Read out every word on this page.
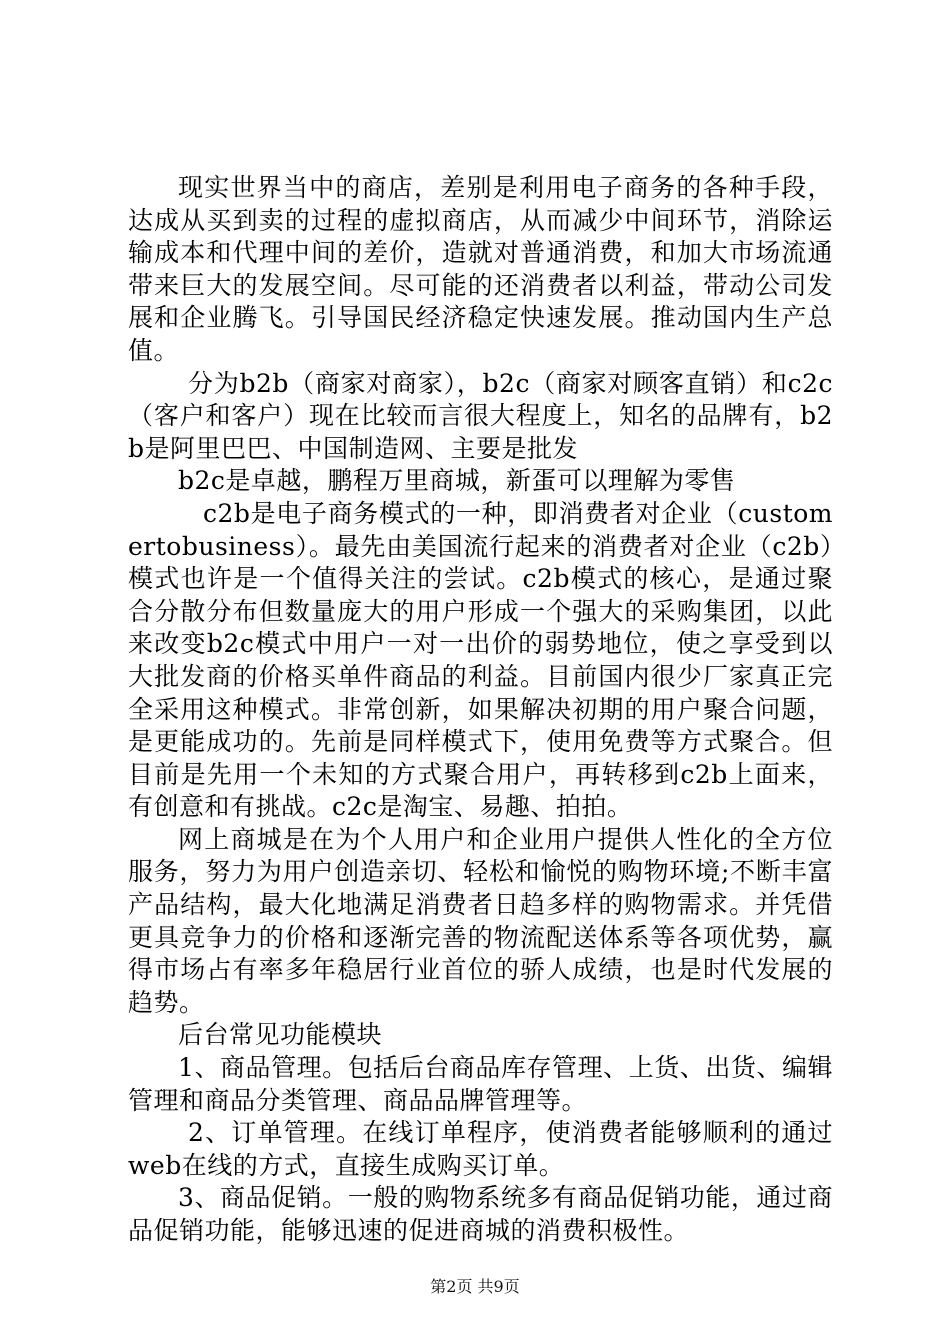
现实世界当中的商店，差别是利用电子商务的各种手段，达成从买到卖的过程的虚拟商店，从而减少中间环节，消除运输成本和代理中间的差价，造就对普通消费，和加大市场流通带来巨大的发展空间。尽可能的还消费者以利益，带动公司发展和企业腾飞。引导国民经济稳定快速发展。推动国内生产总值。

分为b2b（商家对商家），b2c（商家对顾客直销）和c2c（客户和客户）现在比较而言很大程度上，知名的品牌有，b2b是阿里巴巴、中国制造网、主要是批发

b2c是卓越，鹏程万里商城，新蛋可以理解为零售

c2b是电子商务模式的一种，即消费者对企业（customertobusiness）。最先由美国流行起来的消费者对企业（c2b）模式也许是一个值得关注的尝试。c2b模式的核心，是通过聚合分散分布但数量庞大的用户形成一个强大的采购集团，以此来改变b2c模式中用户一对一出价的弱势地位，使之享受到以大批发商的价格买单件商品的利益。目前国内很少厂家真正完全采用这种模式。非常创新，如果解决初期的用户聚合问题，是更能成功的。先前是同样模式下，使用免费等方式聚合。但目前是先用一个未知的方式聚合用户，再转移到c2b上面来，有创意和有挑战。c2c是淘宝、易趣、拍拍。

网上商城是在为个人用户和企业用户提供人性化的全方位服务，努力为用户创造亲切、轻松和愉悦的购物环境;不断丰富产品结构，最大化地满足消费者日趋多样的购物需求。并凭借更具竞争力的价格和逐渐完善的物流配送体系等各项优势，赢得市场占有率多年稳居行业首位的骄人成绩，也是时代发展的趋势。

后台常见功能模块

1、商品管理。包括后台商品库存管理、上货、出货、编辑管理和商品分类管理、商品品牌管理等。

2、订单管理。在线订单程序，使消费者能够顺利的通过web在线的方式，直接生成购买订单。

3、商品促销。一般的购物系统多有商品促销功能，通过商品促销功能，能够迅速的促进商城的消费积极性。

第2页 共9页
